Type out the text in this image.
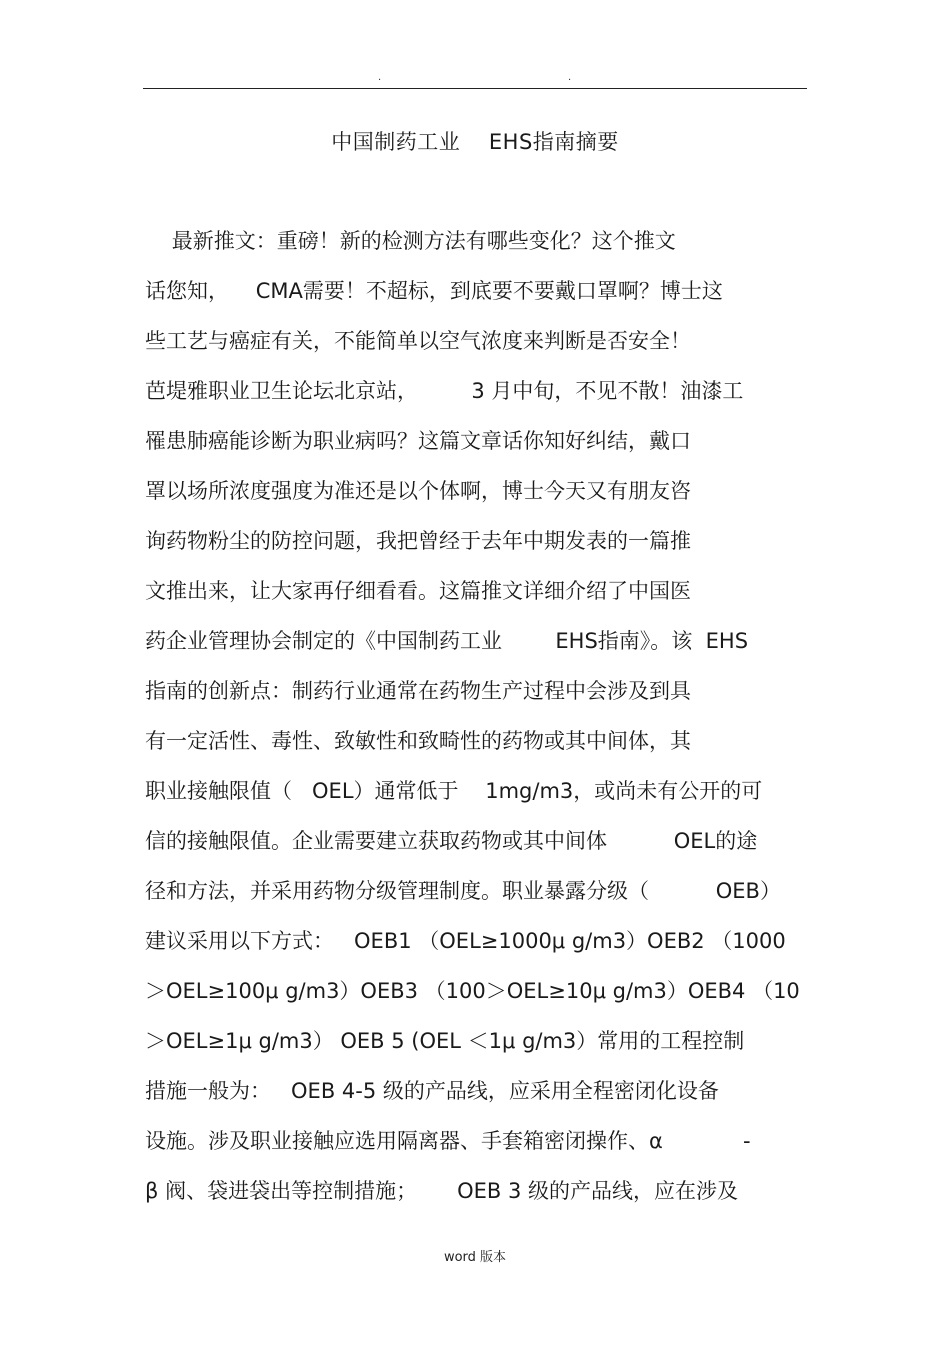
.	.
中国制药工业    EHS指南摘要
最新推文：重磅！新的检测方法有哪些变化？这个推文
话您知，    CMA需要！不超标，到底要不要戴口罩啊？博士这
些工艺与癌症有关，不能简单以空气浓度来判断是否安全！
芭堤雅职业卫生论坛北京站，        3 月中旬，不见不散！油漆工
罹患肺癌能诊断为职业病吗？这篇文章话你知好纠结，戴口
罩以场所浓度强度为准还是以个体啊，博士今天又有朋友咨
询药物粉尘的防控问题，我把曾经于去年中期发表的一篇推
文推出来，让大家再仔细看看。这篇推文详细介绍了中国医
药企业管理协会制定的《中国制药工业        EHS指南》。该  EHS
指南的创新点：制药行业通常在药物生产过程中会涉及到具
有一定活性、毒性、致敏性和致畸性的药物或其中间体，其
职业接触限值（   OEL）通常低于    1mg/m3，或尚未有公开的可
信的接触限值。企业需要建立获取药物或其中间体          OEL的途
径和方法，并采用药物分级管理制度。职业暴露分级（          OEB）
建议采用以下方式：   OEB1 （OEL≥1000μ g/m3）OEB2 （1000
＞OEL≥100μ g/m3）OEB3 （100＞OEL≥10μ g/m3）OEB4 （10
＞OEL≥1μ g/m3） OEB 5 (OEL ＜1μ g/m3）常用的工程控制
措施一般为：   OEB 4-5 级的产品线，应采用全程密闭化设备
设施。涉及职业接触应选用隔离器、手套箱密闭操作、α            -
β 阀、袋进袋出等控制措施；      OEB 3 级的产品线，应在涉及
word 版本
